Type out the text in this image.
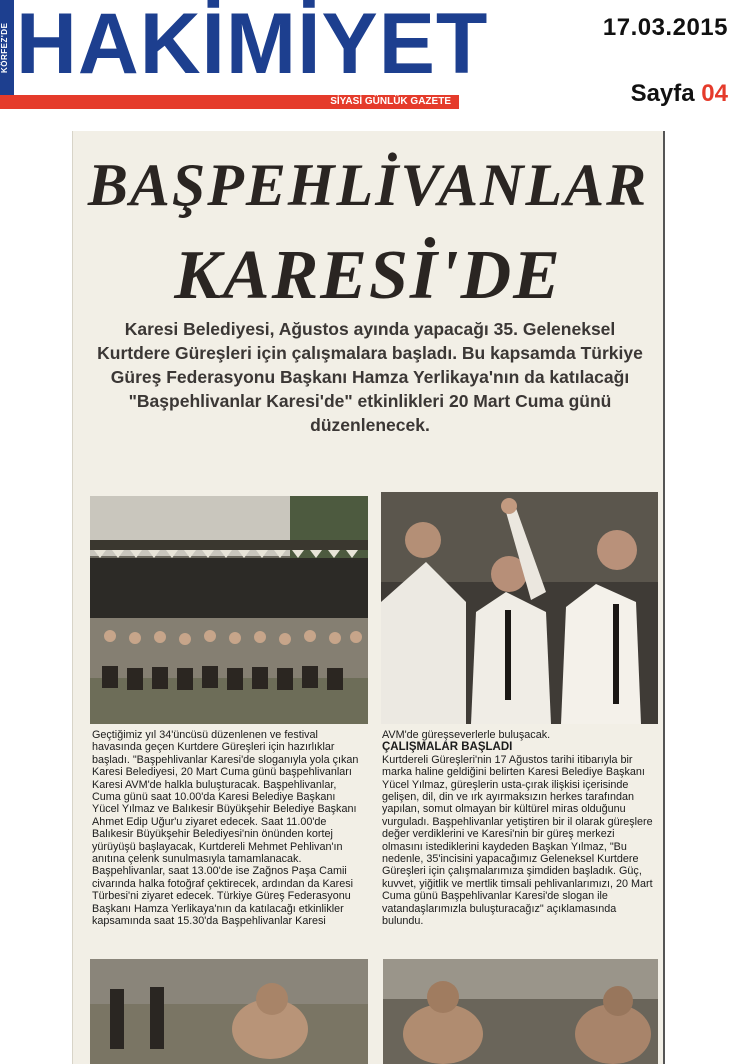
KÖRFEZ'DE HAKİMİYET
SİYASİ GÜNLÜK GAZETE
17.03.2015
Sayfa 04
BAŞPEHLİVANLAR
KARESİ'DE
Karesi Belediyesi, Ağustos ayında yapacağı 35. Geleneksel Kurtdere Güreşleri için çalışmalara başladı. Bu kapsamda Türkiye Güreş Federasyonu Başkanı Hamza Yerlikaya'nın da katılacağı "Başpehlivanlar Karesi'de" etkinlikleri 20 Mart Cuma günü düzenlenecek.

Geçtiğimiz yıl 34'üncüsü düzenlenen ve festival havasında geçen Kurtdere Güreşleri için hazırlıklar başladı. "Başpehlivanlar Karesi'de sloganıyla yola çıkan Karesi Belediyesi, 20 Mart Cuma günü başpehlivanları Karesi AVM'de halkla buluşturacak. Başpehlivanlar, Cuma günü saat 10.00'da Karesi Belediye Başkanı Yücel Yılmaz ve Balıkesir Büyükşehir Belediye Başkanı Ahmet Edip Uğur'u ziyaret edecek. Saat 11.00'de Balıkesir Büyükşehir Belediyesi'nin önünden kortej yürüyüşü başlayacak, Kurtdereli Mehmet Pehlivan'ın anıtına çelenk sunulmasıyla tamamlanacak. Başpehlivanlar, saat 13.00'de ise Zağnos Paşa Camii civarında halka fotoğraf çektirecek, ardından da Karesi Türbesi'ni ziyaret edecek. Türkiye Güreş Federasyonu Başkanı Hamza Yerlikaya'nın da katılacağı etkinlikler kapsamında saat 15.30'da Başpehlivanlar Karesi

AVM'de güreşseverlerle buluşacak.

ÇALIŞMALAR BAŞLADI

Kurtdereli Güreşleri'nin 17 Ağustos tarihi itibarıyla bir marka haline geldiğini belirten Karesi Belediye Başkanı Yücel Yılmaz, güreşlerin usta-çırak ilişkisi içerisinde gelişen, dil, din ve ırk ayırmaksızın herkes tarafından yapılan, somut olmayan bir kültürel miras olduğunu vurguladı. Başpehlivanlar yetiştiren bir il olarak güreşlere değer verdiklerini ve Karesi'nin bir güreş merkezi olmasını istediklerini kaydeden Başkan Yılmaz, "Bu nedenle, 35'incisini yapacağımız Geleneksel Kurtdere Güreşleri için çalışmalarımıza şimdiden başladık. Güç, kuvvet, yiğitlik ve mertlik timsali pehlivanlarımızı, 20 Mart Cuma günü Başpehlivanlar Karesi'de slogan ile vatandaşlarımızla buluşturacağız" açıklamasında bulundu.
